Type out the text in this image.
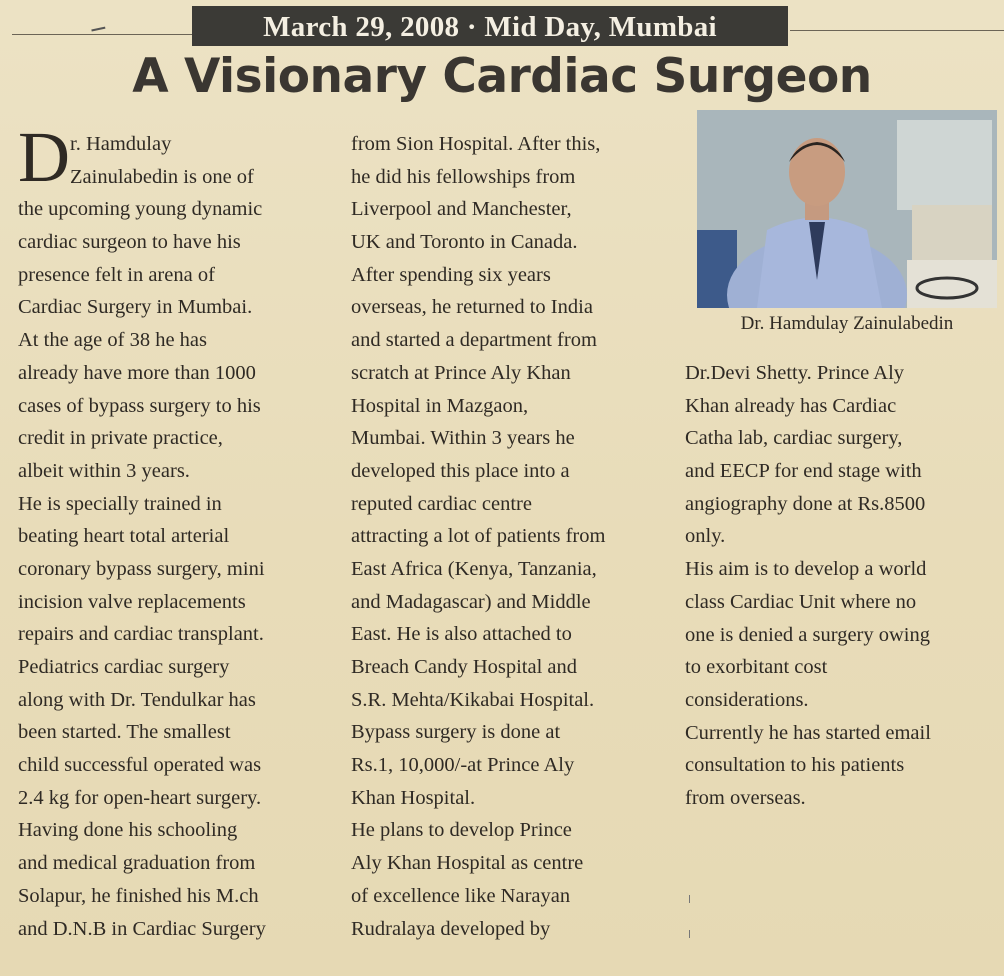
March 29, 2008 · Mid Day, Mumbai
A Visionary Cardiac Surgeon
D r. Hamdulay
Zainulabedin is one of
the upcoming young dynamic
cardiac surgeon to have his
presence felt in arena of
Cardiac Surgery in Mumbai.
At the age of 38 he has
already have more than 1000
cases of bypass surgery to his
credit in private practice,
albeit within 3 years.
He is specially trained in
beating heart total arterial
coronary bypass surgery, mini
incision valve replacements
repairs and cardiac transplant.
Pediatrics cardiac surgery
along with Dr. Tendulkar has
been started. The smallest
child successful operated was
2.4 kg for open-heart surgery.
Having done his schooling
and medical graduation from
Solapur, he finished his M.ch
and D.N.B in Cardiac Surgery
from Sion Hospital. After this,
he did his fellowships from
Liverpool and Manchester,
UK and Toronto in Canada.
After spending six years
overseas, he returned to India
and started a department from
scratch at Prince Aly Khan
Hospital in Mazgaon,
Mumbai. Within 3 years he
developed this place into a
reputed cardiac centre
attracting a lot of patients from
East Africa (Kenya, Tanzania,
and Madagascar) and Middle
East. He is also attached to
Breach Candy Hospital and
S.R. Mehta/Kikabai Hospital.
Bypass surgery is done at
Rs.1, 10,000/-at Prince Aly
Khan Hospital.
He plans to develop Prince
Aly Khan Hospital as centre
of excellence like Narayan
Rudralaya developed by
Dr. Hamdulay Zainulabedin
Dr.Devi Shetty. Prince Aly
Khan already has Cardiac
Catha lab, cardiac surgery,
and EECP for end stage with
angiography done at Rs.8500
only.
His aim is to develop a world
class Cardiac Unit where no
one is denied a surgery owing
to exorbitant cost
considerations.
Currently he has started email
consultation to his patients
from overseas.
